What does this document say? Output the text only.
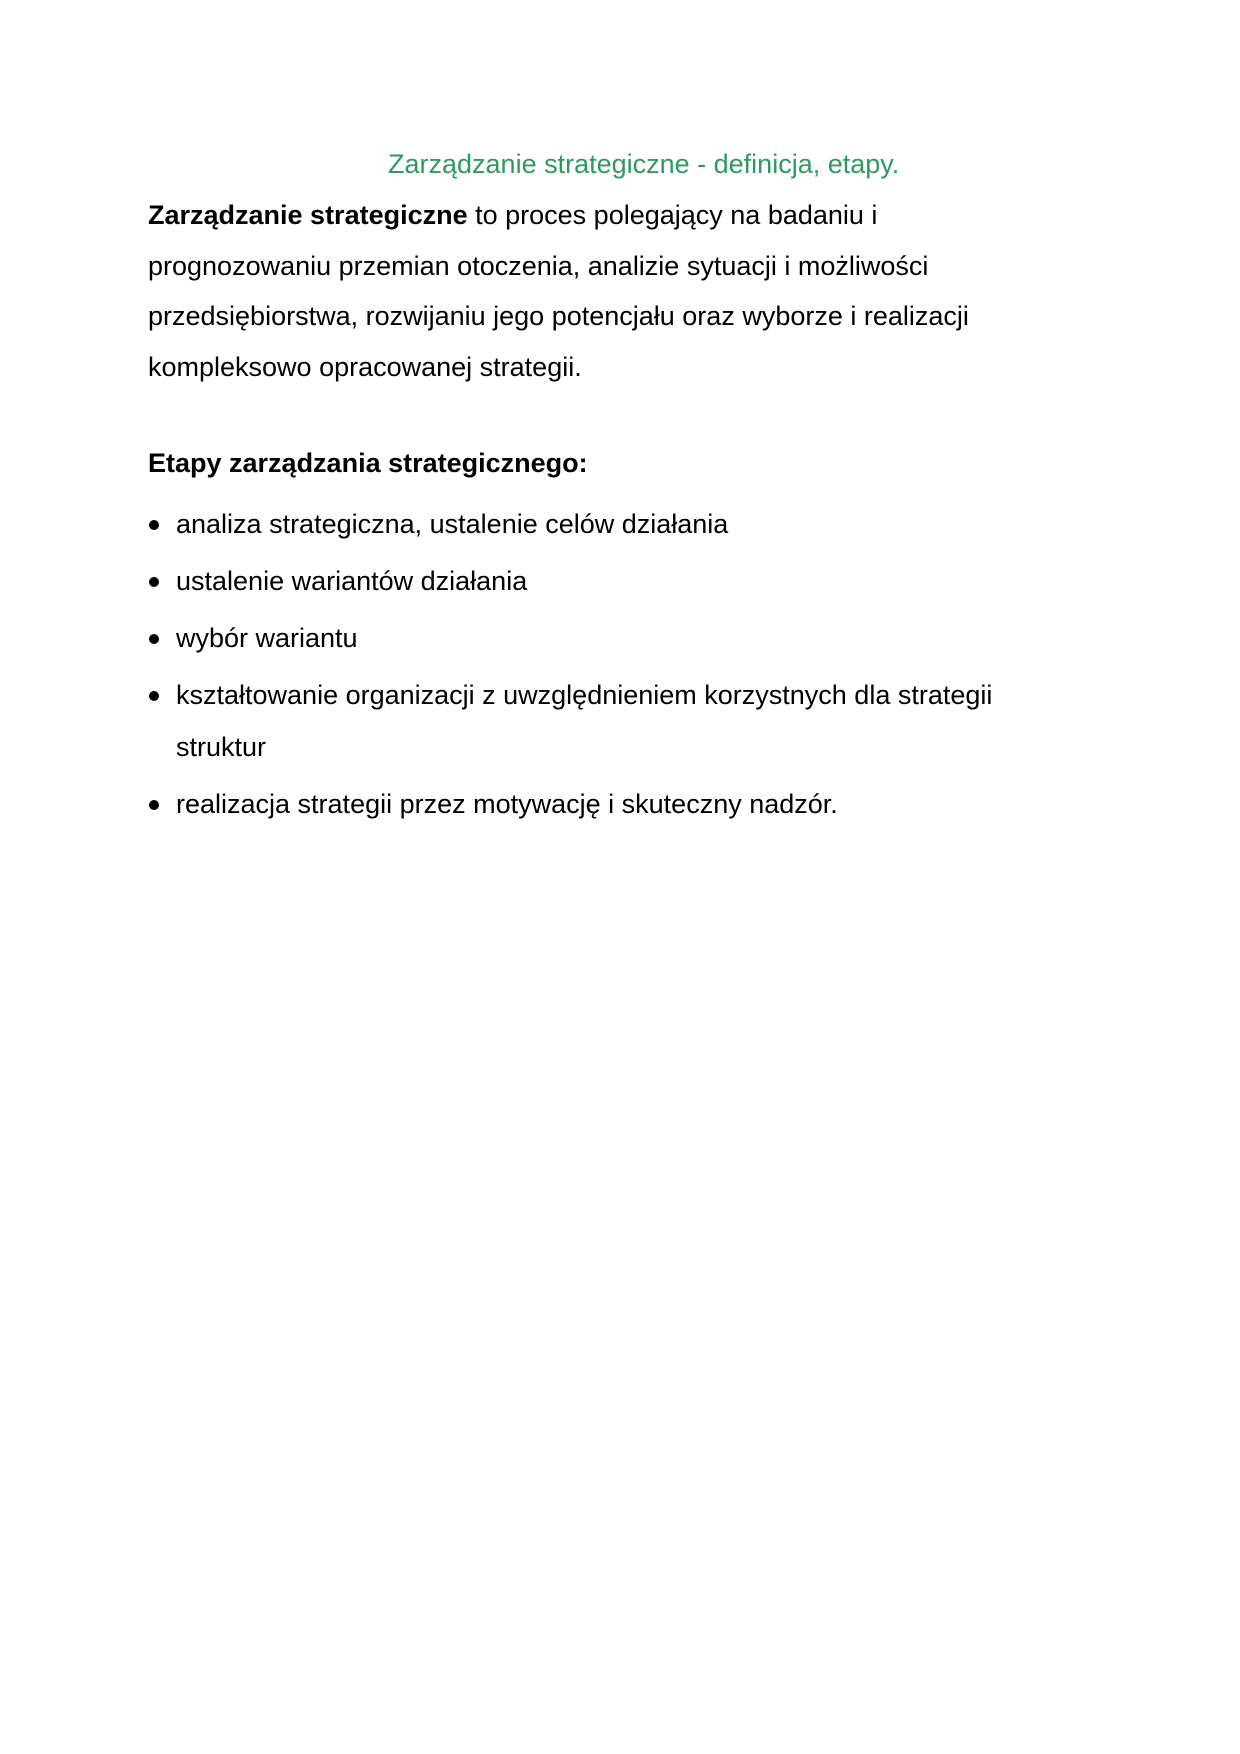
Zarządzanie strategiczne - definicja, etapy.

Zarządzanie strategiczne to proces polegający na badaniu i
prognozowaniu przemian otoczenia, analizie sytuacji i możliwości
przedsiębiorstwa, rozwijaniu jego potencjału oraz wyborze i realizacji
kompleksowo opracowanej strategii.

Etapy zarządzania strategicznego:
analiza strategiczna, ustalenie celów działania
ustalenie wariantów działania
wybór wariantu
kształtowanie organizacji z uwzględnieniem korzystnych dla strategii
struktur
realizacja strategii przez motywację i skuteczny nadzór.
